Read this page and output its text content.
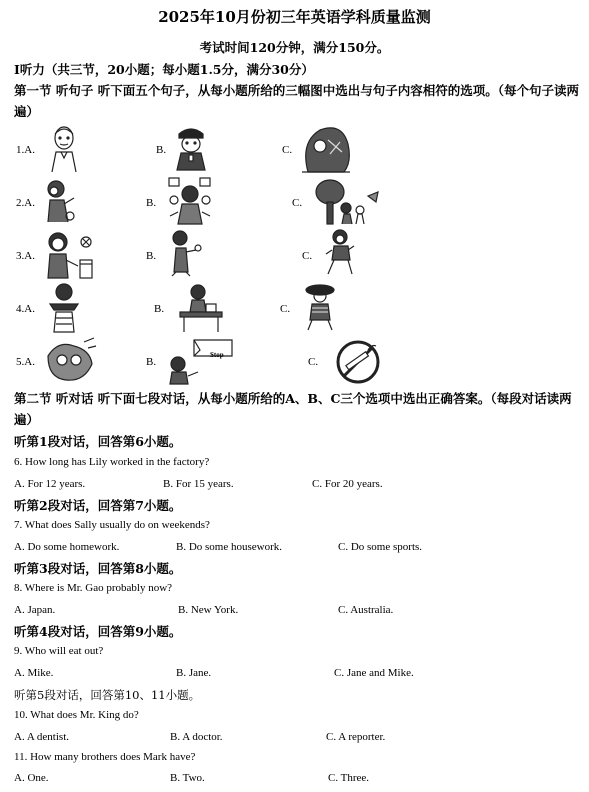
2025年10月份初三年英语学科质量监测
考试时间120分钟，满分150分。
Ⅰ听力（共三节，20小题；每小题1.5分，满分30分）
第一节 听句子 听下面五个句子，从每小题所给的三幅图中选出与句子内容相符的选项。（每个句子读两遍）
1.A.	B.	C.
2.A.	B.	C.
3.A.	B.	C.
4.A.	B.	C.
5.A.	B.
Stop
C.
第二节 听对话 听下面七段对话，从每小题所给的A、B、C三个选项中选出正确答案。（每段对话读两遍）
听第1段对话，回答第6小题。
6. How long has Lily worked in the factory?
A. For 12 years.	B. For 15 years.	C. For 20 years.
听第2段对话，回答第7小题。
7. What does Sally usually do on weekends?
A. Do some homework.	B. Do some housework.	C. Do some sports.
听第3段对话，回答第8小题。
8. Where is Mr. Gao probably now?
A. Japan.	B. New York.	C. Australia.
听第4段对话，回答第9小题。
9. Who will eat out?
A. Mike.	B. Jane.	C. Jane and Mike.
听第5段对话，回答第10、11小题。
10. What does Mr. King do?
A. A dentist.	B. A doctor.	C. A reporter.
11. How many brothers does Mark have?
A. One.	B. Two.	C. Three.
